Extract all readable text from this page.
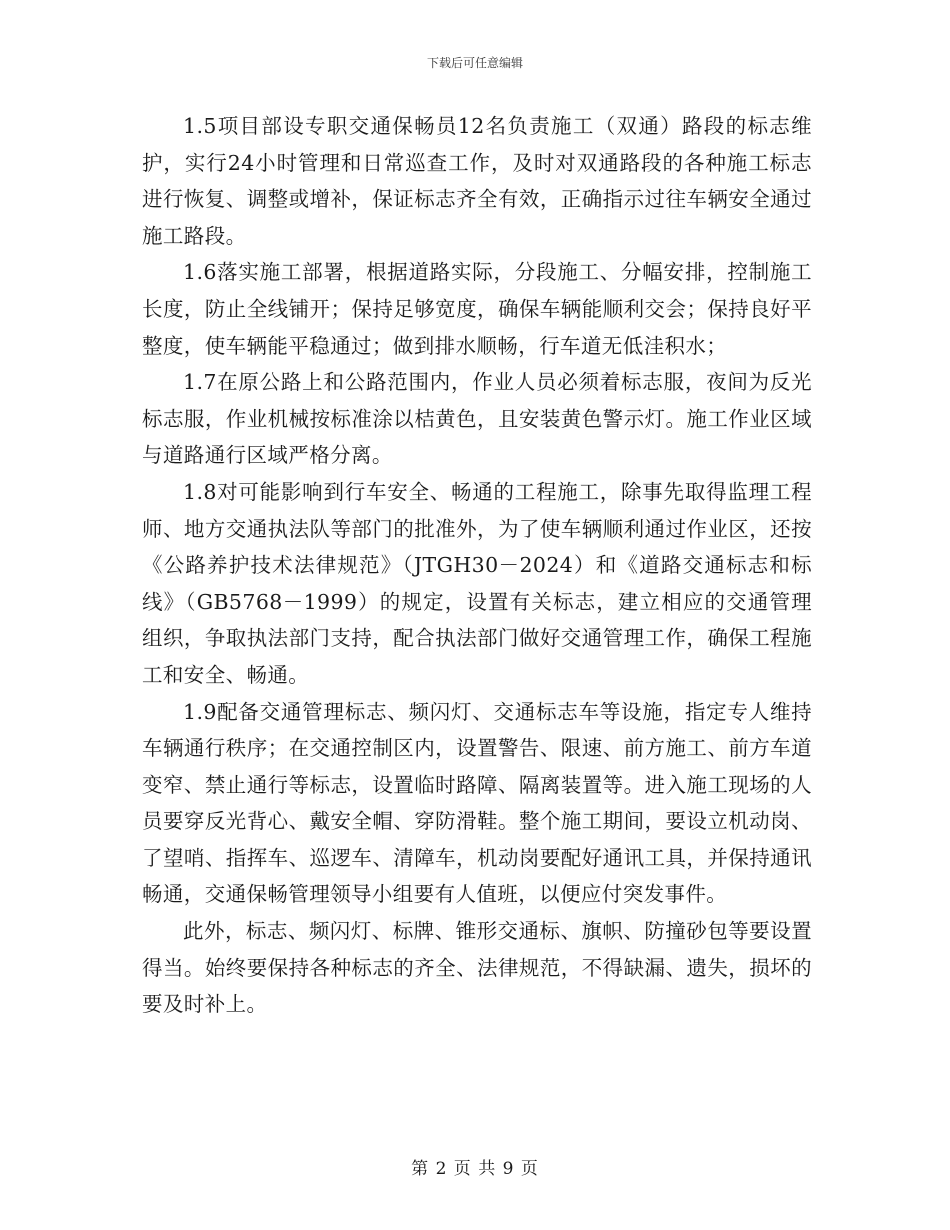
下载后可任意编辑

1.5项目部设专职交通保畅员12名负责施工（双通）路段的标志维护，实行24小时管理和日常巡查工作，及时对双通路段的各种施工标志进行恢复、调整或增补，保证标志齐全有效，正确指示过往车辆安全通过施工路段。

1.6落实施工部署，根据道路实际，分段施工、分幅安排，控制施工长度，防止全线铺开；保持足够宽度，确保车辆能顺利交会；保持良好平整度，使车辆能平稳通过；做到排水顺畅，行车道无低洼积水；

1.7在原公路上和公路范围内，作业人员必须着标志服，夜间为反光标志服，作业机械按标准涂以桔黄色，且安装黄色警示灯。施工作业区域与道路通行区域严格分离。

1.8对可能影响到行车安全、畅通的工程施工，除事先取得监理工程师、地方交通执法队等部门的批准外，为了使车辆顺利通过作业区，还按《公路养护技术法律规范》（JTGH30－2024）和《道路交通标志和标线》（GB5768－1999）的规定，设置有关标志，建立相应的交通管理组织，争取执法部门支持，配合执法部门做好交通管理工作，确保工程施工和安全、畅通。

1.9配备交通管理标志、频闪灯、交通标志车等设施，指定专人维持车辆通行秩序；在交通控制区内，设置警告、限速、前方施工、前方车道变窄、禁止通行等标志，设置临时路障、隔离装置等。进入施工现场的人员要穿反光背心、戴安全帽、穿防滑鞋。整个施工期间，要设立机动岗、了望哨、指挥车、巡逻车、清障车，机动岗要配好通讯工具，并保持通讯畅通，交通保畅管理领导小组要有人值班，以便应付突发事件。

此外，标志、频闪灯、标牌、锥形交通标、旗帜、防撞砂包等要设置得当。始终要保持各种标志的齐全、法律规范，不得缺漏、遗失，损坏的要及时补上。

第 2 页 共 9 页
